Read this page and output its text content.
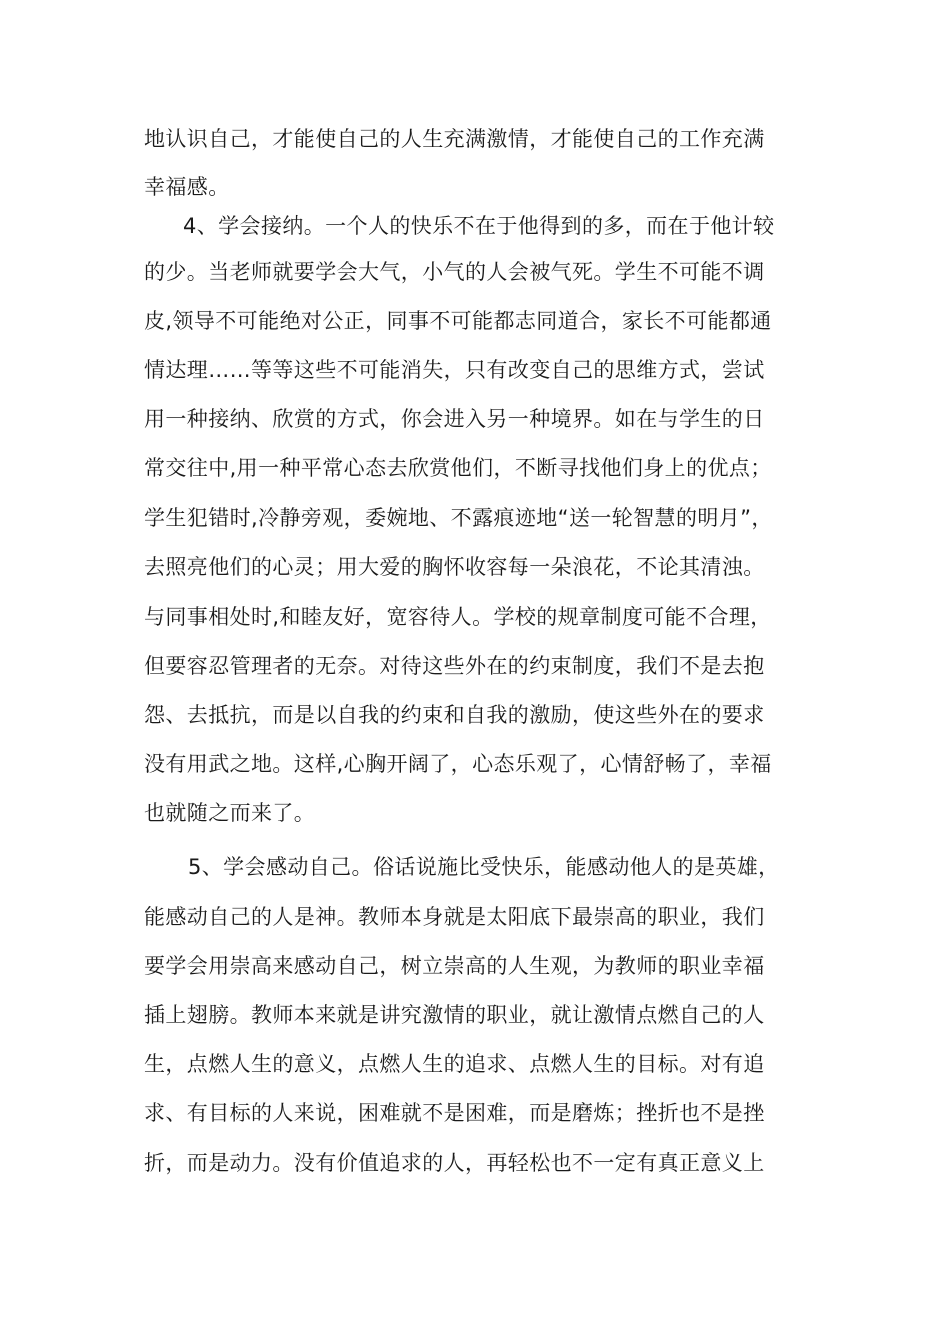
地认识自己，才能使自己的人生充满激情，才能使自己的工作充满
幸福感。
4、学会接纳。一个人的快乐不在于他得到的多，而在于他计较
的少。当老师就要学会大气，小气的人会被气死。学生不可能不调
皮,领导不可能绝对公正，同事不可能都志同道合，家长不可能都通
情达理……等等这些不可能消失，只有改变自己的思维方式，尝试
用一种接纳、欣赏的方式，你会进入另一种境界。如在与学生的日
常交往中,用一种平常心态去欣赏他们，不断寻找他们身上的优点；
学生犯错时,冷静旁观，委婉地、不露痕迹地“送一轮智慧的明月”，
去照亮他们的心灵；用大爱的胸怀收容每一朵浪花，不论其清浊。
与同事相处时,和睦友好，宽容待人。学校的规章制度可能不合理，
但要容忍管理者的无奈。对待这些外在的约束制度，我们不是去抱
怨、去抵抗，而是以自我的约束和自我的激励，使这些外在的要求
没有用武之地。这样,心胸开阔了，心态乐观了，心情舒畅了，幸福
也就随之而来了。
5、学会感动自己。俗话说施比受快乐，能感动他人的是英雄，
能感动自己的人是神。教师本身就是太阳底下最崇高的职业，我们
要学会用崇高来感动自己，树立崇高的人生观，为教师的职业幸福
插上翅膀。教师本来就是讲究激情的职业，就让激情点燃自己的人
生，点燃人生的意义，点燃人生的追求、点燃人生的目标。对有追
求、有目标的人来说，困难就不是困难，而是磨炼；挫折也不是挫
折，而是动力。没有价值追求的人，再轻松也不一定有真正意义上
